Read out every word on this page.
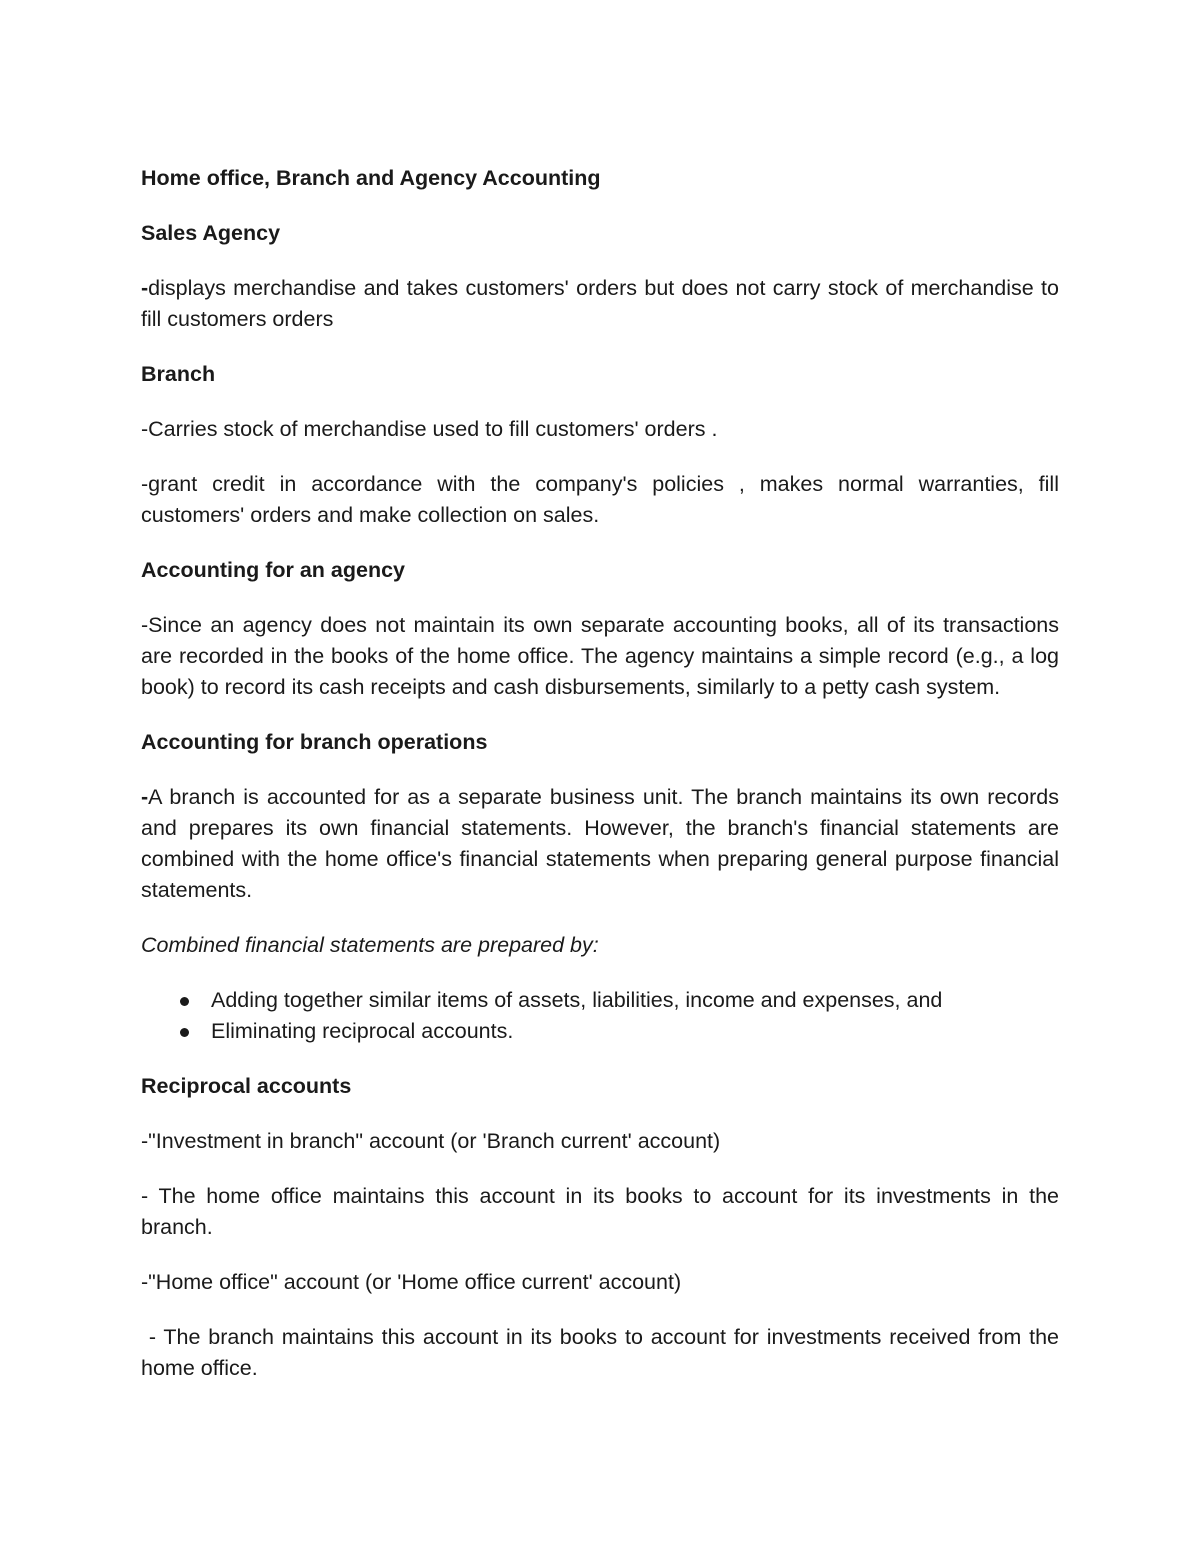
Home office, Branch and Agency Accounting
Sales Agency
-displays merchandise and takes customers' orders but does not carry stock of merchandise to fill customers orders
Branch
-Carries stock of merchandise used to fill customers' orders .
-grant credit in accordance with the company's policies , makes normal warranties, fill customers' orders and make collection on sales.
Accounting for an agency
-Since an agency does not maintain its own separate accounting books, all of its transactions are recorded in the books of the home office. The agency maintains a simple record (e.g., a log book) to record its cash receipts and cash disbursements, similarly to a petty cash system.
Accounting for branch operations
-A branch is accounted for as a separate business unit. The branch maintains its own records and prepares its own financial statements. However, the branch's financial statements are combined with the home office's financial statements when preparing general purpose financial statements.
Combined financial statements are prepared by:
Adding together similar items of assets, liabilities, income and expenses, and
Eliminating reciprocal accounts.
Reciprocal accounts
-"Investment in branch" account (or 'Branch current' account)
- The home office maintains this account in its books to account for its investments in the branch.
-"Home office" account (or 'Home office current' account)
- The branch maintains this account in its books to account for investments received from the home office.
